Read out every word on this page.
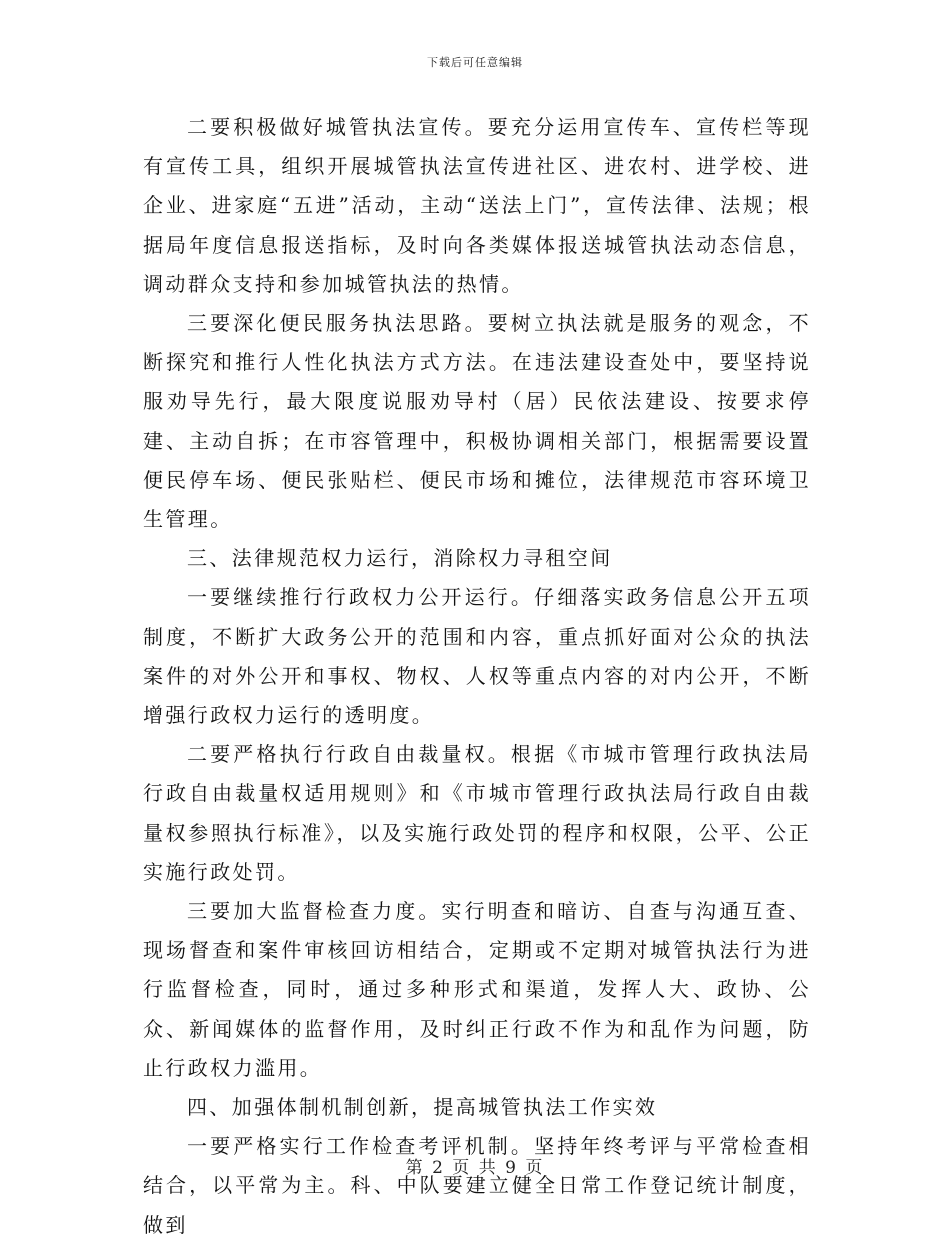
下载后可任意编辑

二要积极做好城管执法宣传。要充分运用宣传车、宣传栏等现有宣传工具，组织开展城管执法宣传进社区、进农村、进学校、进企业、进家庭“五进”活动，主动“送法上门”，宣传法律、法规；根据局年度信息报送指标，及时向各类媒体报送城管执法动态信息，调动群众支持和参加城管执法的热情。

三要深化便民服务执法思路。要树立执法就是服务的观念，不断探究和推行人性化执法方式方法。在违法建设查处中，要坚持说服劝导先行，最大限度说服劝导村（居）民依法建设、按要求停建、主动自拆；在市容管理中，积极协调相关部门，根据需要设置便民停车场、便民张贴栏、便民市场和摊位，法律规范市容环境卫生管理。

三、法律规范权力运行，消除权力寻租空间

一要继续推行行政权力公开运行。仔细落实政务信息公开五项制度，不断扩大政务公开的范围和内容，重点抓好面对公众的执法案件的对外公开和事权、物权、人权等重点内容的对内公开，不断增强行政权力运行的透明度。

二要严格执行行政自由裁量权。根据《市城市管理行政执法局行政自由裁量权适用规则》和《市城市管理行政执法局行政自由裁量权参照执行标准》，以及实施行政处罚的程序和权限，公平、公正实施行政处罚。

三要加大监督检查力度。实行明查和暗访、自查与沟通互查、现场督查和案件审核回访相结合，定期或不定期对城管执法行为进行监督检查，同时，通过多种形式和渠道，发挥人大、政协、公众、新闻媒体的监督作用，及时纠正行政不作为和乱作为问题，防止行政权力滥用。

四、加强体制机制创新，提高城管执法工作实效

一要严格实行工作检查考评机制。坚持年终考评与平常检查相结合，以平常为主。科、中队要建立健全日常工作登记统计制度，做到

第 2 页 共 9 页
